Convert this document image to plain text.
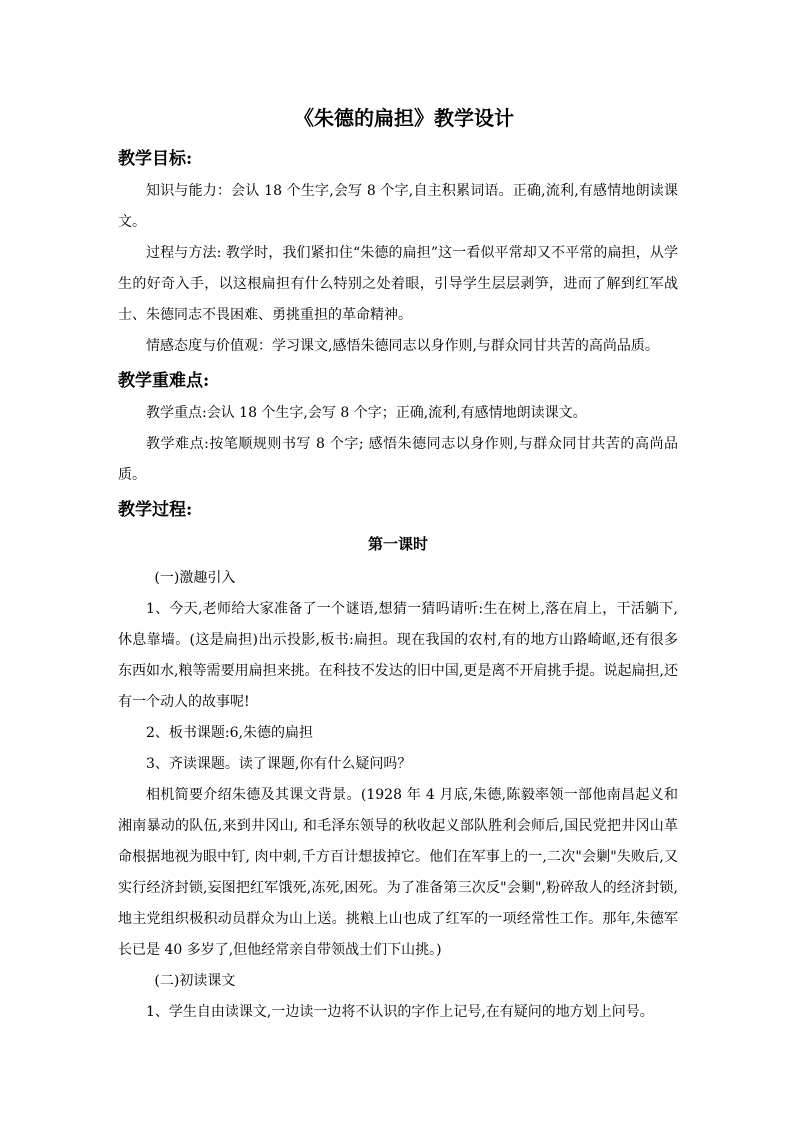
《朱德的扁担》教学设计
教学目标:

知识与能力：会认 18 个生字,会写 8 个字,自主积累词语。正确,流利,有感情地朗读课文。

过程与方法: 教学时，我们紧扣住“朱德的扁担”这一看似平常却又不平常的扁担，从学生的好奇入手，以这根扁担有什么特别之处着眼，引导学生层层剥笋，进而了解到红军战士、朱德同志不畏困难、勇挑重担的革命精神。

情感态度与价值观：学习课文,感悟朱德同志以身作则,与群众同甘共苦的高尚品质。

教学重难点:

教学重点:会认 18 个生字,会写 8 个字；正确,流利,有感情地朗读课文。

教学难点:按笔顺规则书写 8 个字; 感悟朱德同志以身作则,与群众同甘共苦的高尚品质。

教学过程:
第一课时

(一)激趣引入

1、今天,老师给大家准备了一个谜语,想猜一猜吗请听:生在树上,落在肩上，干活躺下,休息靠墙。(这是扁担)出示投影,板书:扁担。现在我国的农村,有的地方山路崎岖,还有很多东西如水,粮等需要用扁担来挑。在科技不发达的旧中国,更是离不开肩挑手提。说起扁担,还有一个动人的故事呢!

2、板书课题:6,朱德的扁担

3、齐读课题。读了课题,你有什么疑问吗？

相机简要介绍朱德及其课文背景。(1928 年 4 月底,朱德,陈毅率领一部他南昌起义和湘南暴动的队伍,来到井冈山, 和毛泽东领导的秋收起义部队胜利会师后,国民党把井冈山革命根据地视为眼中钉, 肉中刺,千方百计想拔掉它。他们在军事上的一,二次"会剿"失败后,又实行经济封锁,妄图把红军饿死,冻死,困死。为了准备第三次反"会剿",粉碎敌人的经济封锁,地主党组织极积动员群众为山上送。挑粮上山也成了红军的一项经常性工作。那年,朱德军长已是 40 多岁了,但他经常亲自带领战士们下山挑。)

(二)初读课文

1、学生自由读课文,一边读一边将不认识的字作上记号,在有疑问的地方划上问号。
